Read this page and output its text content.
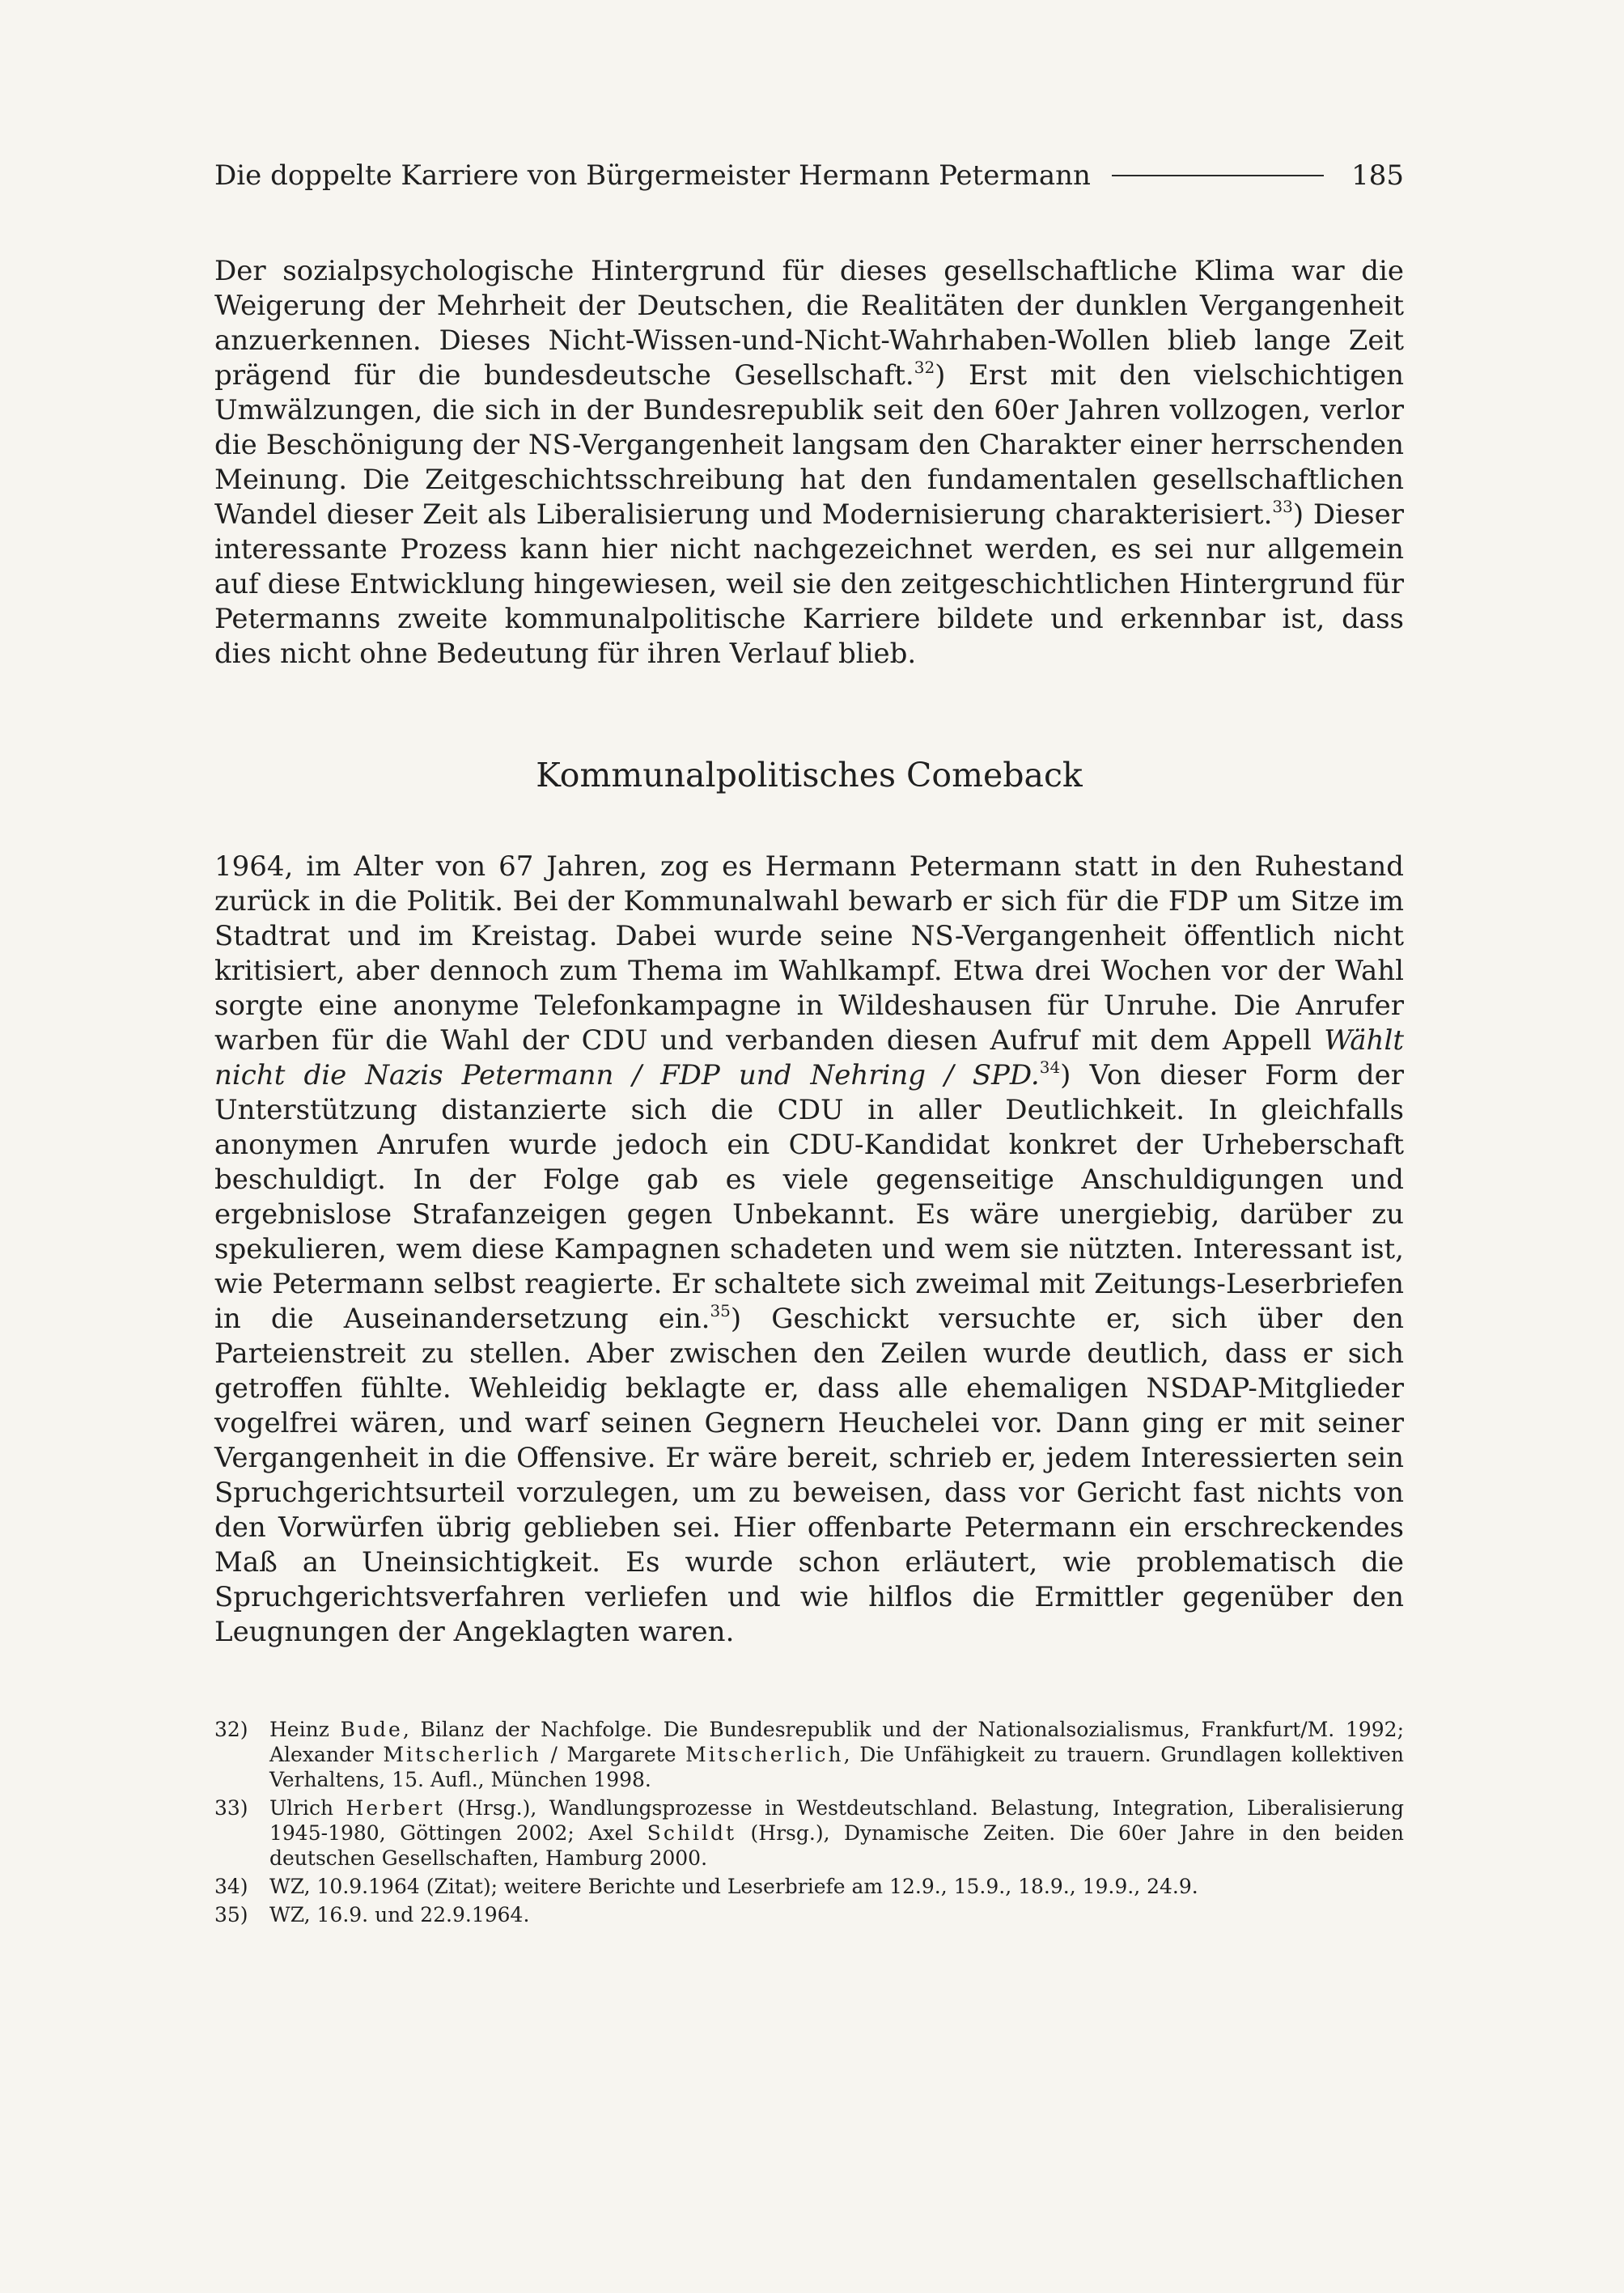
Die doppelte Karriere von Bürgermeister Hermann Petermann	185

Der sozialpsychologische Hintergrund für dieses gesellschaftliche Klima war die Weigerung der Mehrheit der Deutschen, die Realitäten der dunklen Vergangenheit anzuerkennen. Dieses Nicht-Wissen-und-Nicht-Wahrhaben-Wollen blieb lange Zeit prägend für die bundesdeutsche Gesellschaft.$^{32}$) Erst mit den vielschichtigen Umwälzungen, die sich in der Bundesrepublik seit den 60er Jahren vollzogen, verlor die Beschönigung der NS-Vergangenheit langsam den Charakter einer herrschenden Meinung. Die Zeitgeschichtsschreibung hat den fundamentalen gesellschaftlichen Wandel dieser Zeit als Liberalisierung und Modernisierung charakterisiert.$^{33}$) Dieser interessante Prozess kann hier nicht nachgezeichnet werden, es sei nur allgemein auf diese Entwicklung hingewiesen, weil sie den zeitgeschichtlichen Hintergrund für Petermanns zweite kommunalpolitische Karriere bildete und erkennbar ist, dass dies nicht ohne Bedeutung für ihren Verlauf blieb.

Kommunalpolitisches Comeback

1964, im Alter von 67 Jahren, zog es Hermann Petermann statt in den Ruhestand zurück in die Politik. Bei der Kommunalwahl bewarb er sich für die FDP um Sitze im Stadtrat und im Kreistag. Dabei wurde seine NS-Vergangenheit öffentlich nicht kritisiert, aber dennoch zum Thema im Wahlkampf. Etwa drei Wochen vor der Wahl sorgte eine anonyme Telefonkampagne in Wildeshausen für Unruhe. Die Anrufer warben für die Wahl der CDU und verbanden diesen Aufruf mit dem Appell Wählt nicht die Nazis Petermann / FDP und Nehring / SPD.$^{34}$) Von dieser Form der Unterstützung distanzierte sich die CDU in aller Deutlichkeit. In gleichfalls anonymen Anrufen wurde jedoch ein CDU-Kandidat konkret der Urheberschaft beschuldigt. In der Folge gab es viele gegenseitige Anschuldigungen und ergebnislose Strafanzeigen gegen Unbekannt. Es wäre unergiebig, darüber zu spekulieren, wem diese Kampagnen schadeten und wem sie nützten. Interessant ist, wie Petermann selbst reagierte. Er schaltete sich zweimal mit Zeitungs-Leserbriefen in die Auseinandersetzung ein.$^{35}$) Geschickt versuchte er, sich über den Parteienstreit zu stellen. Aber zwischen den Zeilen wurde deutlich, dass er sich getroffen fühlte. Wehleidig beklagte er, dass alle ehemaligen NSDAP-Mitglieder vogelfrei wären, und warf seinen Gegnern Heuchelei vor. Dann ging er mit seiner Vergangenheit in die Offensive. Er wäre bereit, schrieb er, jedem Interessierten sein Spruchgerichtsurteil vorzulegen, um zu beweisen, dass vor Gericht fast nichts von den Vorwürfen übrig geblieben sei. Hier offenbarte Petermann ein erschreckendes Maß an Uneinsichtigkeit. Es wurde schon erläutert, wie problematisch die Spruchgerichtsverfahren verliefen und wie hilflos die Ermittler gegenüber den Leugnungen der Angeklagten waren.

32)	Heinz Bude, Bilanz der Nachfolge. Die Bundesrepublik und der Nationalsozialismus, Frankfurt/M. 1992; Alexander Mitscherlich / Margarete Mitscherlich, Die Unfähigkeit zu trauern. Grundlagen kollektiven Verhaltens, 15. Aufl., München 1998.
33)	Ulrich Herbert (Hrsg.), Wandlungsprozesse in Westdeutschland. Belastung, Integration, Liberalisierung 1945-1980, Göttingen 2002; Axel Schildt (Hrsg.), Dynamische Zeiten. Die 60er Jahre in den beiden deutschen Gesellschaften, Hamburg 2000.
34)	WZ, 10.9.1964 (Zitat); weitere Berichte und Leserbriefe am 12.9., 15.9., 18.9., 19.9., 24.9.
35)	WZ, 16.9. und 22.9.1964.
